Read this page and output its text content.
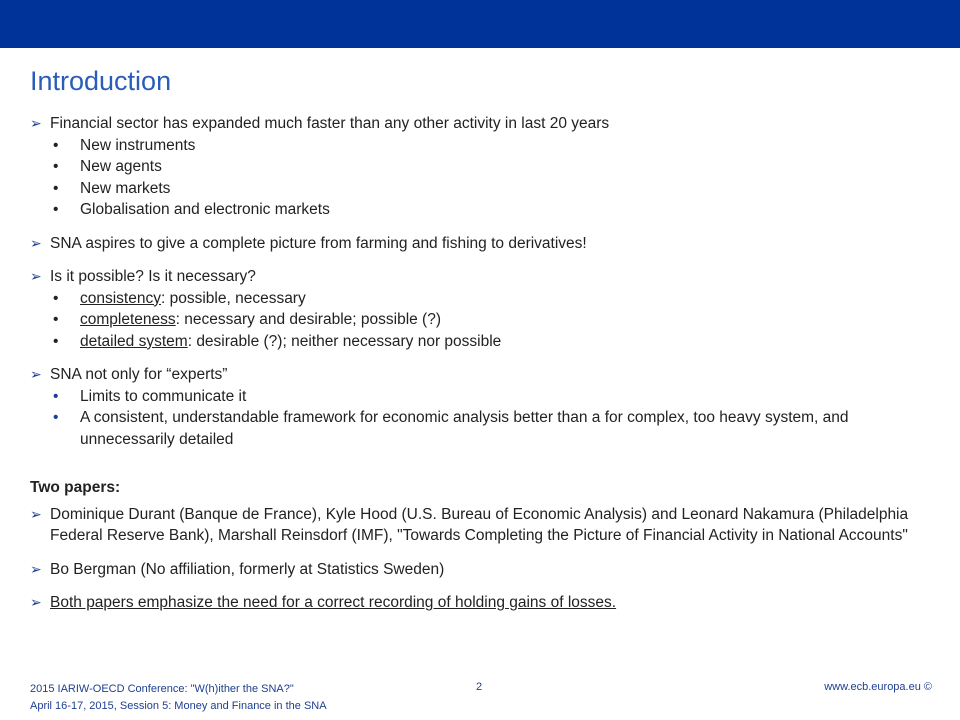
Introduction
➢ Financial sector has expanded much faster than any other activity in last 20 years
• New instruments
• New agents
• New markets
• Globalisation and electronic markets
➢ SNA aspires to give a complete picture from farming and fishing to derivatives!
➢ Is it possible? Is it necessary?
• consistency: possible, necessary
• completeness: necessary and desirable; possible (?)
• detailed system: desirable (?); neither necessary nor possible
➢ SNA not only for “experts”
• Limits to communicate it
• A consistent, understandable framework for economic analysis better than a for complex, too heavy system, and unnecessarily detailed

Two papers:

➢ Dominique Durant (Banque de France), Kyle Hood (U.S. Bureau of Economic Analysis) and Leonard Nakamura (Philadelphia Federal Reserve Bank), Marshall Reinsdorf (IMF), "Towards Completing the Picture of Financial Activity in National Accounts"
➢ Bo Bergman (No affiliation, formerly at Statistics Sweden)
➢ Both papers emphasize the need for a correct recording of holding gains of losses.
2015 IARIW-OECD Conference: "W(h)ither the SNA?"
April 16-17, 2015, Session 5: Money and Finance in the SNA
2	www.ecb.europa.eu ©
